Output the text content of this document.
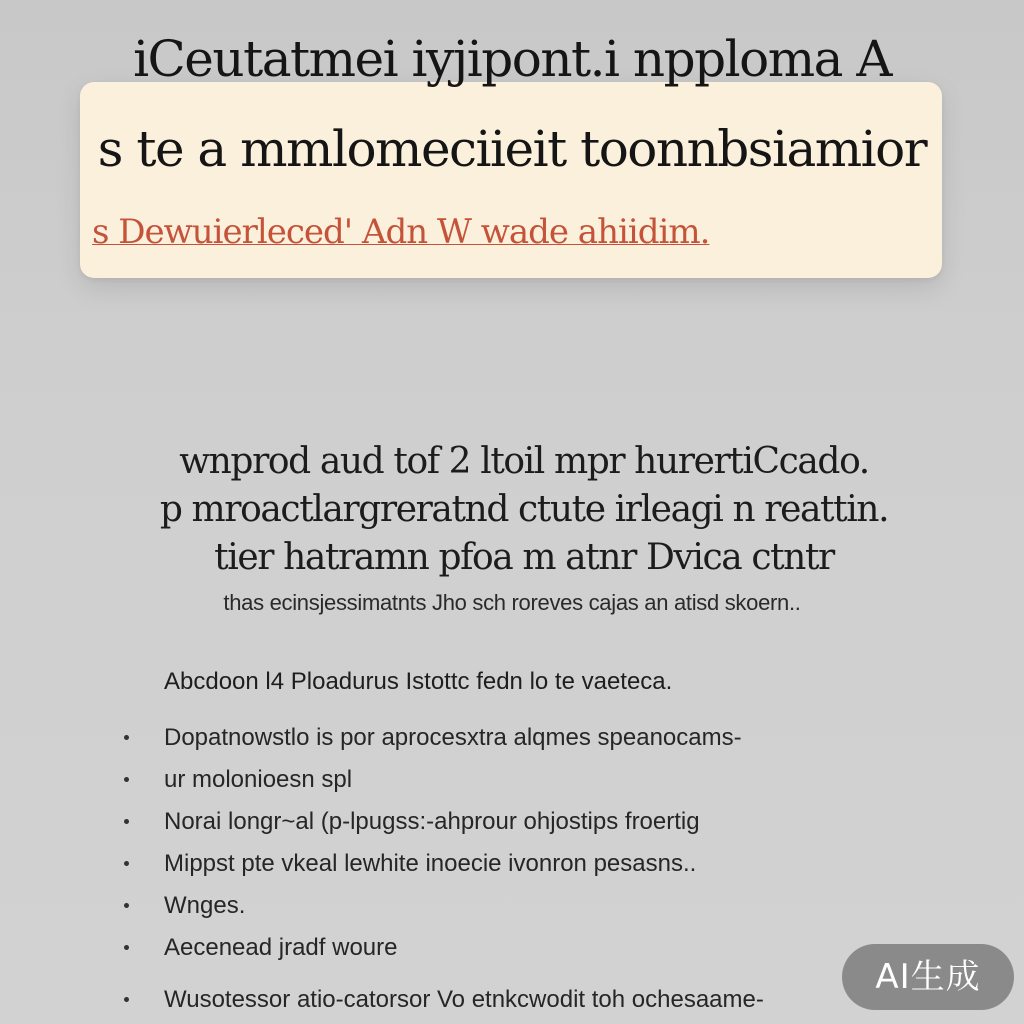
iCeutatmei iyjipont.i npploma A
s te a mmlomeciieit toonnbsiamior
s Dewuierleced' Adn W wade ahiidim.
wnprod aud tof 2 ltoil mpr hurertiCcado.
p mroactlargreratnd ctute irleagi n reattin.
tier hatramn pfoa m atnr Dvica ctntr
thas ecinsjessimatnts Jho sch roreves cajas an atisd skoern..
Abcdoon l4 Ploadurus Istottc fedn lo te vaeteca.
Dopatnowstlo is por aprocesxtra alqmes speanocams-
ur molonioesn spl
Norai longr~al (p-lpugss:-ahprour ohjostips froertig
Mippst pte vkeal lewhite inoecie ivonron pesasns..
Wnges.
Aecenead jradf woure
Wusotessor atio-catorsor Vo etnkcwodit toh ochesaame-
AI生成
